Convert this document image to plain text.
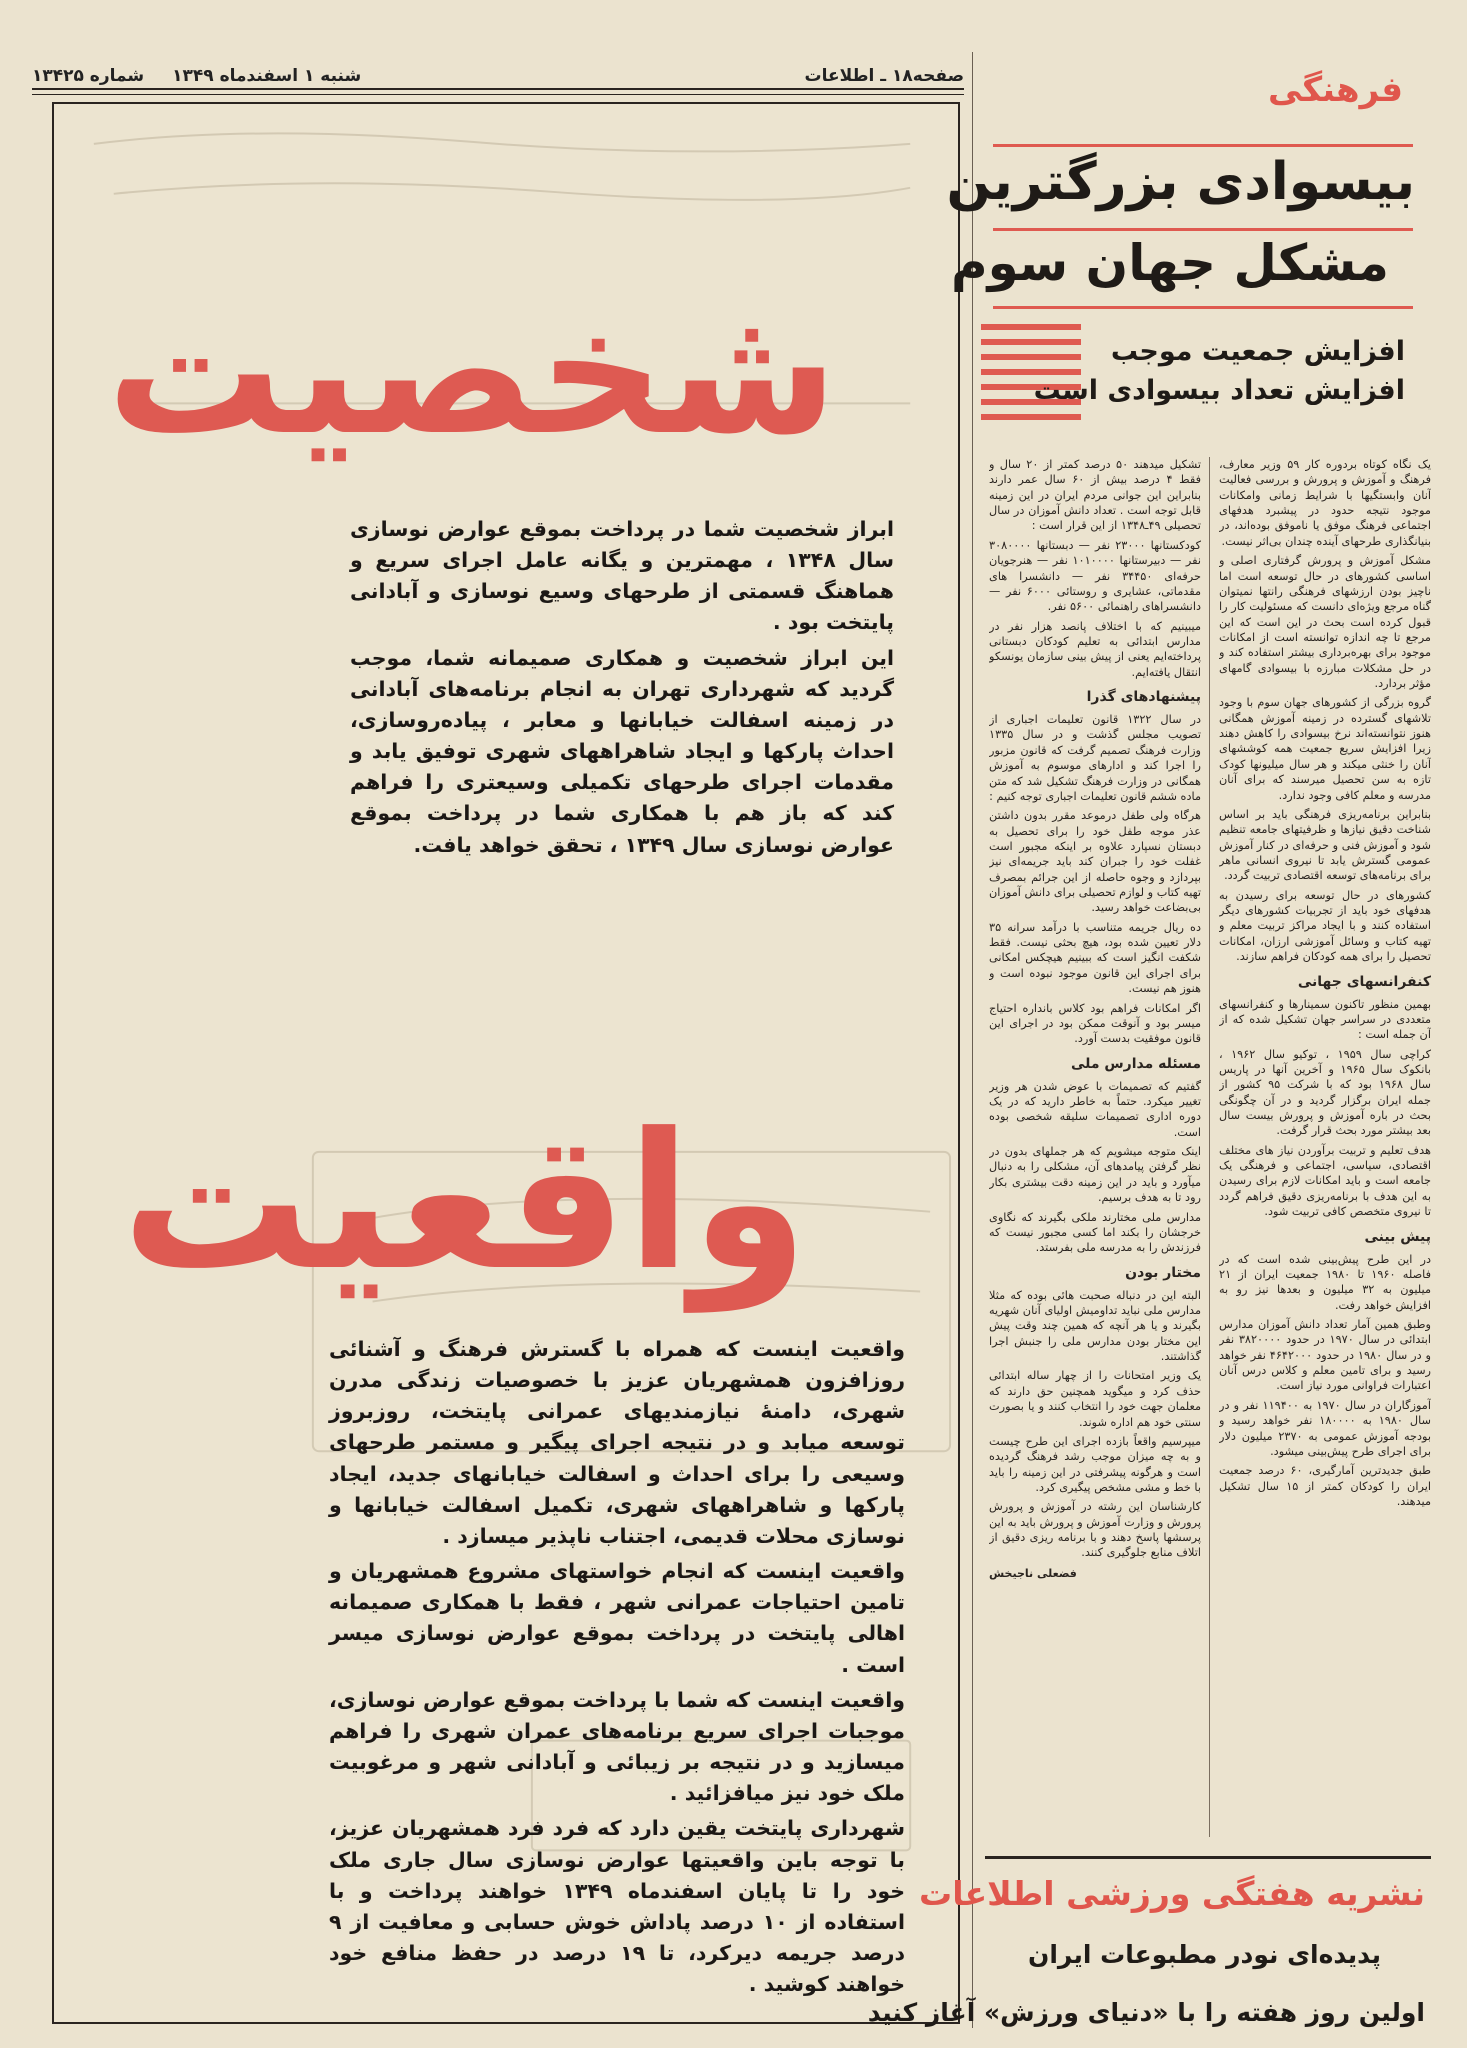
صفحه۱۸ ـ اطلاعات
شنبه ۱ اسفندماه ۱۳۴۹
شماره ۱۳۴۲۵
شخصیت

ابراز شخصیت شما در پرداخت بموقع عوارض نوسازی سال ۱۳۴۸ ، مهمترین و یگانه عامل اجرای سریع و هماهنگ قسمتی از طرحهای وسیع نوسازی و آبادانی پایتخت بود .

این ابراز شخصیت و همکاری صمیمانه شما، موجب گردید که شهرداری تهران به انجام برنامه‌های آبادانی در زمینه اسفالت خیابانها و معابر ، پیاده‌روسازی، احداث پارکها و ایجاد شاهراههای شهری توفیق یابد و مقدمات اجرای طرحهای تکمیلی وسیعتری را فراهم کند که باز هم با همکاری شما در پرداخت بموقع عوارض نوسازی سال ۱۳۴۹ ، تحقق خواهد یافت.

واقعیت

واقعیت اینست که همراه با گسترش فرهنگ و آشنائی روزافزون همشهریان عزیز با خصوصیات زندگی مدرن شهری، دامنهٔ نیازمندیهای عمرانی پایتخت، روزبروز توسعه میابد و در نتیجه اجرای پیگیر و مستمر طرحهای وسیعی را برای احداث و اسفالت خیابانهای جدید، ایجاد پارکها و شاهراههای شهری، تکمیل اسفالت خیابانها و نوسازی محلات قدیمی، اجتناب ناپذیر میسازد .

واقعیت اینست که انجام خواستهای مشروع همشهریان و تامین احتیاجات عمرانی شهر ، فقط با همکاری صمیمانه اهالی پایتخت در پرداخت بموقع عوارض نوسازی میسر است .

واقعیت اینست که شما با پرداخت بموقع عوارض نوسازی، موجبات اجرای سریع برنامه‌های عمران شهری را فراهم میسازید و در نتیجه بر زیبائی و آبادانی شهر و مرغوبیت ملک خود نیز میافزائید .

شهرداری پایتخت یقین دارد که فرد فرد همشهریان عزیز، با توجه باین واقعیتها عوارض نوسازی سال جاری ملک خود را تا پایان اسفندماه ۱۳۴۹ خواهند پرداخت و با استفاده از ۱۰ درصد پاداش خوش حسابی و معافیت از ۹ درصد جریمه دیرکرد، تا ۱۹ درصد در حفظ منافع خود خواهند کوشید .

فرهنگی
بیسوادی بزرگترین
مشکل جهان سوم
افزایش جمعیت موجب
افزایش تعداد بیسوادی است

یک نگاه کوتاه بردوره کار ۵۹ وزیر معارف، فرهنگ و آموزش و پرورش و بررسی فعالیت آنان وابستگیها با شرایط زمانی وامکانات موجود نتیجه حدود در پیشبرد هدفهای اجتماعی فرهنگ موفق یا ناموفق بوده‌اند، در بنیانگذاری طرحهای آینده چندان بی‌اثر نیست.

مشکل آموزش و پرورش گرفتاری اصلی و اساسی کشورهای در حال توسعه است اما ناچیز بودن ارزشهای فرهنگی رانتها نمیتوان گناه مرجع ویژه‌ای دانست که مسئولیت کار را قبول کرده است بحث در این است که این مرجع تا چه اندازه توانسته است از امکانات موجود برای بهره‌برداری بیشتر استفاده کند و در حل مشکلات مبارزه با بیسوادی گامهای مؤثر بردارد.

گروه بزرگی از کشورهای جهان سوم با وجود تلاشهای گسترده در زمینه آموزش همگانی هنوز نتوانسته‌اند نرخ بیسوادی را کاهش دهند زیرا افزایش سریع جمعیت همه کوششهای آنان را خنثی میکند و هر سال میلیونها کودک تازه به سن تحصیل میرسند که برای آنان مدرسه و معلم کافی وجود ندارد.

بنابراین برنامه‌ریزی فرهنگی باید بر اساس شناخت دقیق نیازها و ظرفیتهای جامعه تنظیم شود و آموزش فنی و حرفه‌ای در کنار آموزش عمومی گسترش یابد تا نیروی انسانی ماهر برای برنامه‌های توسعه اقتصادی تربیت گردد.

کشورهای در حال توسعه برای رسیدن به هدفهای خود باید از تجربیات کشورهای دیگر استفاده کنند و با ایجاد مراکز تربیت معلم و تهیه کتاب و وسائل آموزشی ارزان، امکانات تحصیل را برای همه کودکان فراهم سازند.

کنفرانسهای جهانی

بهمین منظور تاکنون سمینارها و کنفرانسهای متعددی در سراسر جهان تشکیل شده که از آن جمله است :

کراچی سال ۱۹۵۹ ، توکیو سال ۱۹۶۲ ، بانکوک سال ۱۹۶۵ و آخرین آنها در پاریس سال ۱۹۶۸ بود که با شرکت ۹۵ کشور از جمله ایران برگزار گردید و در آن چگونگی بحث در باره آموزش و پرورش بیست سال بعد بیشتر مورد بحث قرار گرفت.

هدف تعلیم و تربیت برآوردن نیاز های مختلف اقتصادی، سیاسی، اجتماعی و فرهنگی یک جامعه است و باید امکانات لازم برای رسیدن به این هدف با برنامه‌ریزی دقیق فراهم گردد تا نیروی متخصص کافی تربیت شود.

پیش بینی

در این طرح پیش‌بینی شده است که در فاصله ۱۹۶۰ تا ۱۹۸۰ جمعیت ایران از ۲۱ میلیون به ۳۲ میلیون و بعدها نیز رو به افزایش خواهد رفت.

وطبق همین آمار تعداد دانش آموزان مدارس ابتدائی در سال ۱۹۷۰ در حدود ۳۸۲۰۰۰۰ نفر و در سال ۱۹۸۰ در حدود ۴۶۴۲۰۰۰ نفر خواهد رسید و برای تامین معلم و کلاس درس آنان اعتبارات فراوانی مورد نیاز است.

آموزگاران در سال ۱۹۷۰ به ۱۱۹۴۰۰ نفر و در سال ۱۹۸۰ به ۱۸۰۰۰۰ نفر خواهد رسید و بودجه آموزش عمومی به ۲۳۷۰ میلیون دلار برای اجرای طرح پیش‌بینی میشود.

طبق جدیدترین آمارگیری، ۶۰ درصد جمعیت ایران را کودکان کمتر از ۱۵ سال تشکیل میدهند.

تشکیل میدهند ۵۰ درصد کمتر از ۲۰ سال و فقط ۴ درصد بیش از ۶۰ سال عمر دارند بنابراین این جوانی مردم ایران در این زمینه قابل توجه است . تعداد دانش آموزان در سال تحصیلی ۴۹ـ۱۳۴۸ از این قرار است :

کودکستانها ۲۳۰۰۰ نفر — دبستانها ۳۰۸۰۰۰۰ نفر — دبیرستانها ۱۰۱۰۰۰۰ نفر — هنرجویان حرفه‌ای ۳۴۴۵۰ نفر — دانشسرا های مقدماتی، عشایری و روستائی ۶۰۰۰ نفر — دانشسراهای راهنمائی ۵۶۰۰ نفر.

میبینیم که با اختلاف پانصد هزار نفر در مدارس ابتدائی به تعلیم کودکان دبستانی پرداخته‌ایم یعنی از پیش بینی سازمان یونسکو انتقال یافته‌ایم.

پیشنهادهای گذرا

در سال ۱۳۲۲ قانون تعلیمات اجباری از تصویب مجلس گذشت و در سال ۱۳۳۵ وزارت فرهنگ تصمیم گرفت که قانون مزبور را اجرا کند و ادارهای موسوم به آموزش همگانی در وزارت فرهنگ تشکیل شد که متن ماده ششم قانون تعلیمات اجباری توجه کنیم :

هرگاه ولی طفل درموعد مقرر بدون داشتن عذر موجه طفل خود را برای تحصیل به دبستان نسپارد علاوه بر اینکه مجبور است غفلت خود را جبران کند باید جریمه‌ای نیز بپردازد و وجوه حاصله از این جرائم بمصرف تهیه کتاب و لوازم تحصیلی برای دانش آموزان بی‌بضاعت خواهد رسید.

ده ریال جریمه متناسب با درآمد سرانه ۳۵ دلار تعیین شده بود، هیچ بحثی نیست. فقط شکفت انگیز است که ببینیم هیچکس امکانی برای اجرای این قانون موجود نبوده است و هنوز هم نیست.

اگر امکانات فراهم بود کلاس بانداره احتیاج میسر بود و آنوقت ممکن بود در اجرای این قانون موفقیت بدست آورد.

مسئله مدارس ملی

گفتیم که تصمیمات با عوض شدن هر وزیر تغییر میکرد. حتماً به خاطر دارید که در یک دوره اداری تصمیمات سلیقه شخصی بوده است.

اینک متوجه میشویم که هر جملهای بدون در نظر گرفتن پیامدهای آن، مشکلی را به دنبال میآورد و باید در این زمینه دقت بیشتری بکار رود تا به هدف برسیم.

مدارس ملی مختارند ملکی بگیرند که نگاوی خرجشان را بکند اما کسی مجبور نیست که فرزندش را به مدرسه ملی بفرستد.

مختار بودن

البته این در دنباله صحبت هائی بوده که مثلا مدارس ملی نباید تداومیش اولیای آنان شهریه بگیرند و یا هر آنچه که همین چند وقت پیش این مختار بودن مدارس ملی را جنبش اجرا گذاشتند.

یک وزیر امتحانات را از چهار ساله ابتدائی حذف کرد و میگوید همچنین حق دارند که معلمان جهت خود را انتخاب کنند و یا بصورت سنتی خود هم اداره شوند.

میپرسیم واقعاً بازده اجرای این طرح چیست و به چه میزان موجب رشد فرهنگ گردیده است و هرگونه پیشرفتی در این زمینه را باید با خط و مشی مشخص پیگیری کرد.

کارشناسان این رشته در آموزش و پرورش پرورش و وزارت آموزش و پرورش باید به این پرسشها پاسخ دهند و با برنامه ریزی دقیق از اتلاف منابع جلوگیری کنند.

فضعلی ناجیخش
نشریه هفتگی ورزشی اطلاعات
پدیده‌ای نودر مطبوعات ایران
اولین روز هفته را با «دنیای ورزش» آغاز کنید
